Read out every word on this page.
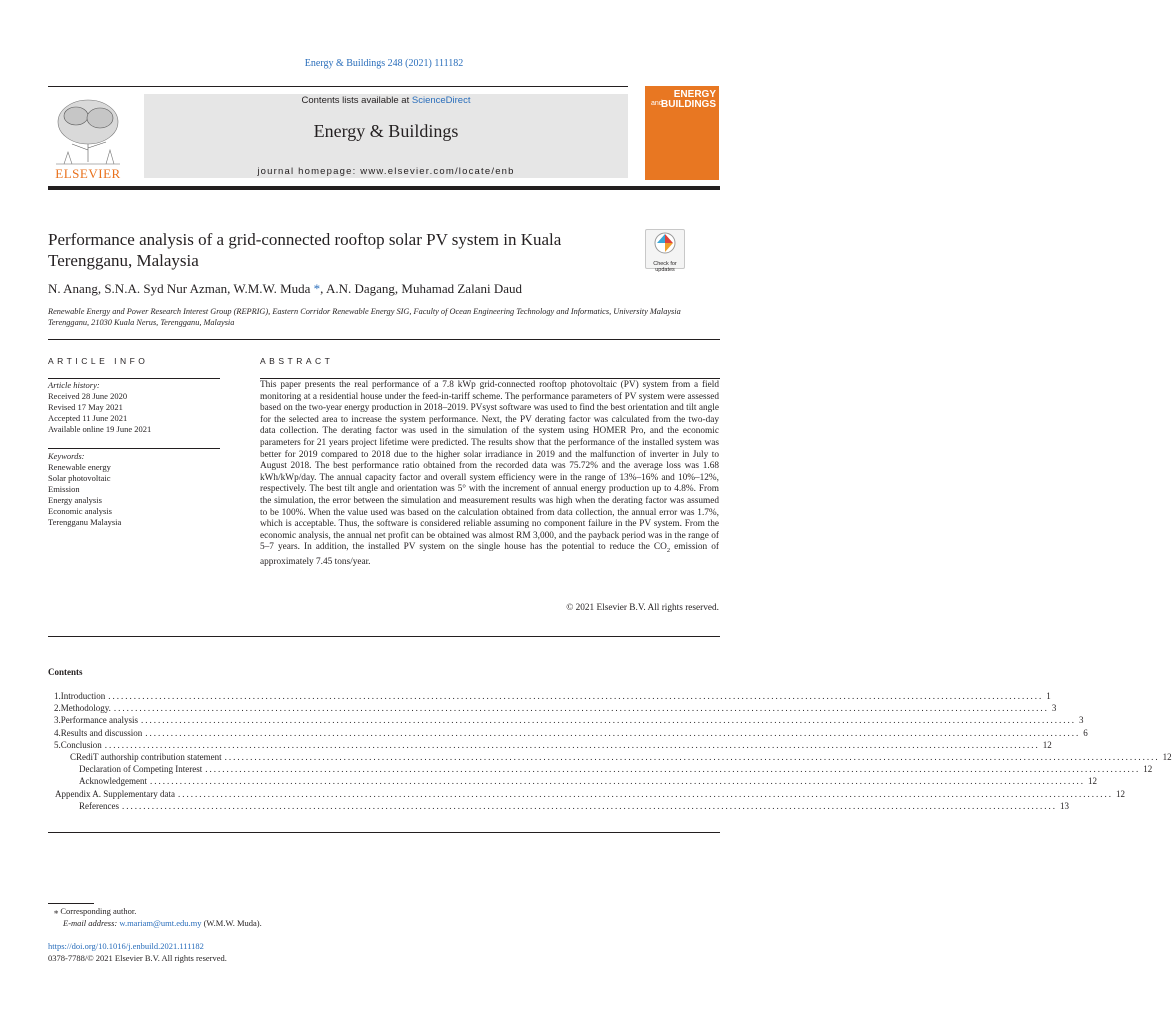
Energy & Buildings 248 (2021) 111182
ELSEVIER
Contents lists available at ScienceDirect
Energy & Buildings
journal homepage: www.elsevier.com/locate/enb
ENERGY
BUILDINGS
and
Performance analysis of a grid-connected rooftop solar PV system in Kuala Terengganu, Malaysia	Check for updates
N. Anang, S.N.A. Syd Nur Azman, W.M.W. Muda *, A.N. Dagang, Muhamad Zalani Daud
Renewable Energy and Power Research Interest Group (REPRIG), Eastern Corridor Renewable Energy SIG, Faculty of Ocean Engineering Technology and Informatics, University Malaysia Terengganu, 21030 Kuala Nerus, Terengganu, Malaysia
ARTICLE INFO
Article history:
Received 28 June 2020
Revised 17 May 2021
Accepted 11 June 2021
Available online 19 June 2021
Keywords:
Renewable energy
Solar photovoltaic
Emission
Energy analysis
Economic analysis
Terengganu Malaysia
ABSTRACT
This paper presents the real performance of a 7.8 kWp grid-connected rooftop photovoltaic (PV) system from a field monitoring at a residential house under the feed-in-tariff scheme. The performance parameters of PV system were assessed based on the two-year energy production in 2018–2019. PVsyst software was used to find the best orientation and tilt angle for the selected area to increase the system performance. Next, the PV derating factor was calculated from the two-day data collection. The derating factor was used in the simulation of the system using HOMER Pro, and the economic parameters for 21 years project lifetime were predicted. The results show that the performance of the installed system was better for 2019 compared to 2018 due to the higher solar irradiance in 2019 and the malfunction of inverter in July to August 2018. The best performance ratio obtained from the recorded data was 75.72% and the average loss was 1.68 kWh/kWp/day. The annual capacity factor and overall system efficiency were in the range of 13%–16% and 10%–12%, respectively. The best tilt angle and orientation was 5° with the increment of annual energy production up to 4.8%. From the simulation, the error between the simulation and measurement results was high when the derating factor was assumed to be 100%. When the value used was based on the calculation obtained from data collection, the annual error was 1.7%, which is acceptable. Thus, the software is considered reliable assuming no component failure in the PV system. From the economic analysis, the annual net profit can be obtained was almost RM 3,000, and the payback period was in the range of 5–7 years. In addition, the installed PV system on the single house has the potential to reduce the $CO_2$ emission of approximately 7.45 tons/year.
© 2021 Elsevier B.V. All rights reserved.
Contents
1. Introduction ............................................................................................................................................................................................................................ 1
2. Methodology. ............................................................................................................................................................................................................................ 3
3. Performance analysis ............................................................................................................................................................................................................................ 3
4. Results and discussion ............................................................................................................................................................................................................................ 6
5. Conclusion ............................................................................................................................................................................................................................ 12
CRediT authorship contribution statement ............................................................................................................................................................................................................................ 12
Declaration of Competing Interest ............................................................................................................................................................................................................................ 12
Acknowledgement ............................................................................................................................................................................................................................ 12
Appendix A. Supplementary data ............................................................................................................................................................................................................................ 12
References ............................................................................................................................................................................................................................ 13
⁎ Corresponding author.
E-mail address: w.mariam@umt.edu.my (W.M.W. Muda).
https://doi.org/10.1016/j.enbuild.2021.111182
0378-7788/© 2021 Elsevier B.V. All rights reserved.
